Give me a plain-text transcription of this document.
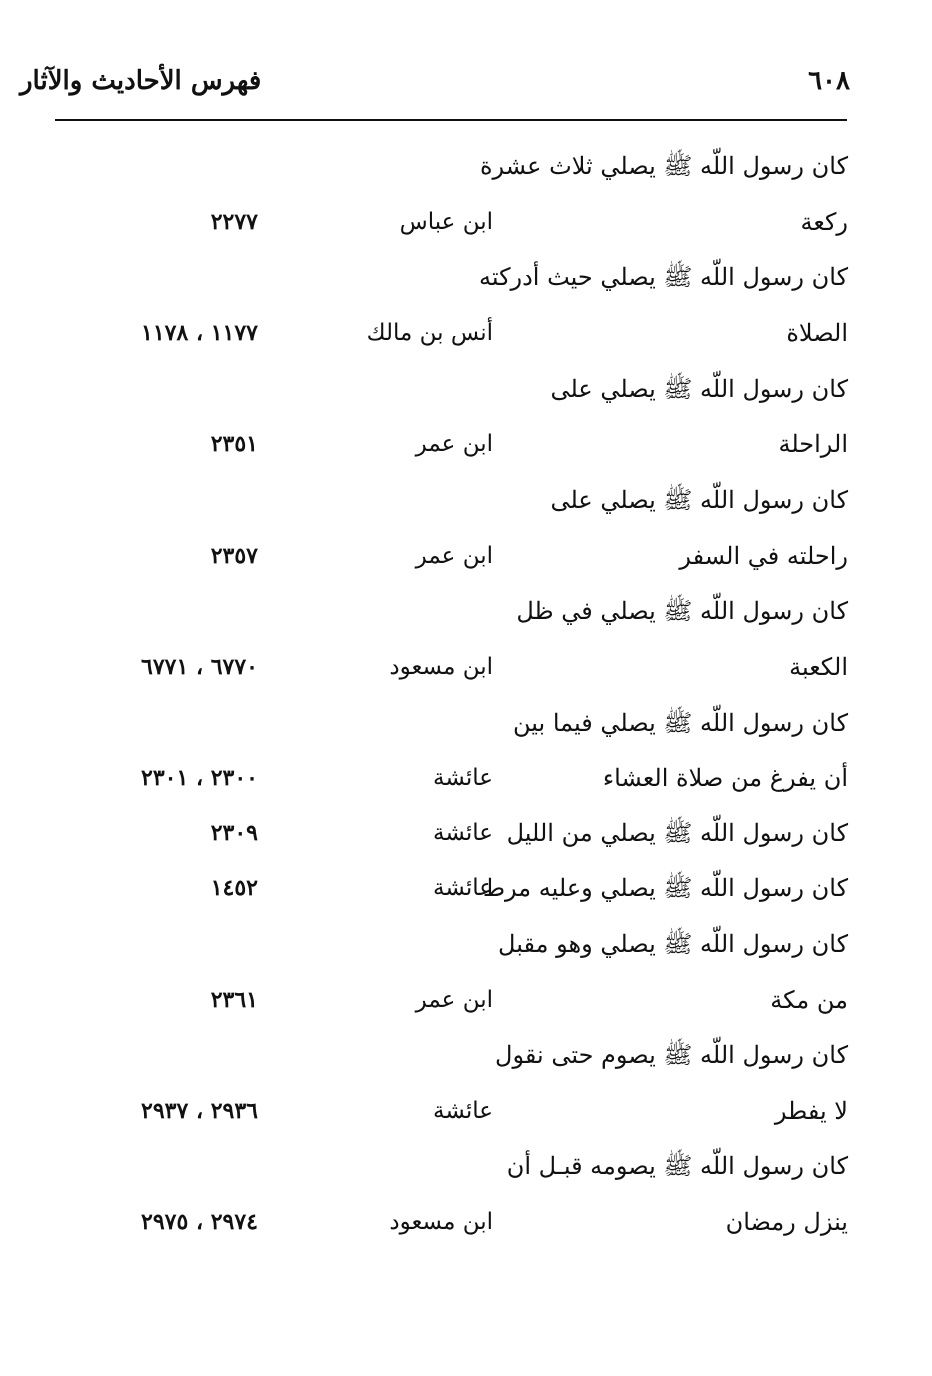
٦٠٨
فهرس الأحاديث والآثار
كان رسول اللّه ﷺ يصلي ثلاث عشرة
ركعة
ابن عباس
٢٢٧٧
كان رسول اللّه ﷺ يصلي حيث أدركته
الصلاة
أنس بن مالك
١١٧٧ ، ١١٧٨
كان رسول اللّه ﷺ يصلي على
الراحلة
ابن عمر
٢٣٥١
كان رسول اللّه ﷺ يصلي على
راحلته في السفر
ابن عمر
٢٣٥٧
كان رسول اللّه ﷺ يصلي في ظل
الكعبة
ابن مسعود
٦٧٧٠ ، ٦٧٧١
كان رسول اللّه ﷺ يصلي فيما بين
أن يفرغ من صلاة العشاء
عائشة
٢٣٠٠ ، ٢٣٠١
كان رسول اللّه ﷺ يصلي من الليل
عائشة
٢٣٠٩
كان رسول اللّه ﷺ يصلي وعليه مرط
عائشة
١٤٥٢
كان رسول اللّه ﷺ يصلي وهو مقبل
من مكة
ابن عمر
٢٣٦١
كان رسول اللّه ﷺ يصوم حتى نقول
لا يفطر
عائشة
٢٩٣٦ ، ٢٩٣٧
كان رسول اللّه ﷺ يصومه قبـل أن
ينزل رمضان
ابن مسعود
٢٩٧٤ ، ٢٩٧٥
